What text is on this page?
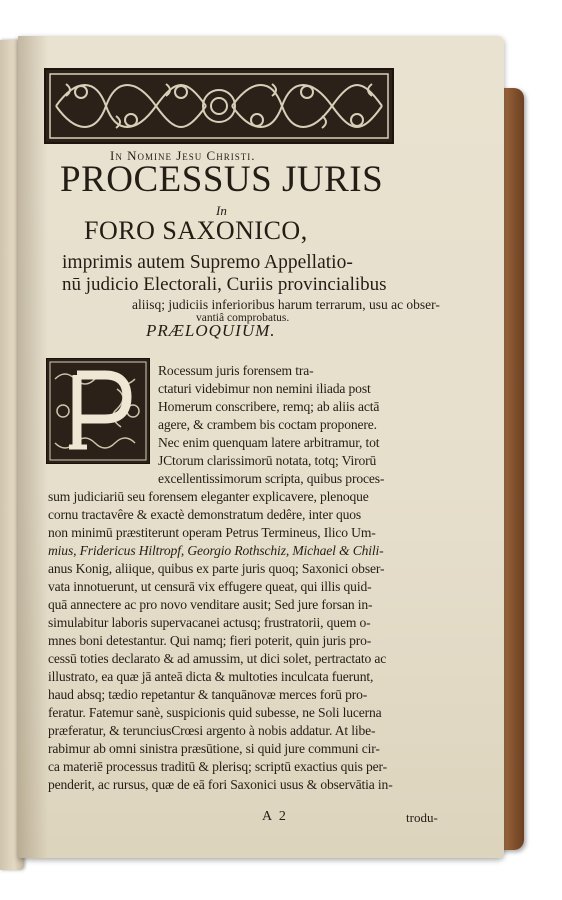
In Nomine Jesu Christi.
PROCESSUS JURIS
In
FORO SAXONICO,
imprimis autem Supremo Appellatio-
nū judicio Electorali, Curiis provincialibus
aliisq; judiciis inferioribus harum terrarum, usu ac obser-
vantiâ comprobatus.
PRÆLOQUIUM.
Rocessum juris forensem tra-
ctaturi videbimur non nemini iliada post
Homerum conscribere, remq; ab aliis actā
agere, & crambem bis coctam proponere.
Nec enim quenquam latere arbitramur, tot
JCtorum clarissimorū notata, totq; Virorū
excellentissimorum scripta, quibus proces-
sum judiciariū seu forensem eleganter explicavere, plenoque
cornu tractavêre & exactè demonstratum dedêre, inter quos
non minimū præstiterunt operam Petrus Termineus, Ilico Um-
mius, Fridericus Hiltropf, Georgio Rothschiz, Michael & Chili-
anus Konig, aliique, quibus ex parte juris quoq; Saxonici obser-
vata innotuerunt, ut censurā vix effugere queat, qui illis quid-
quā annectere ac pro novo venditare ausit; Sed jure forsan in-
simulabitur laboris supervacanei actusq; frustratorii, quem o-
mnes boni detestantur. Qui namq; fieri poterit, quin juris pro-
cessū toties declarato & ad amussim, ut dici solet, pertractato ac
illustrato, ea quæ jā anteā dicta & multoties inculcata fuerunt,
haud absq; tædio repetantur & tanquānovæ merces forū pro-
feratur. Fatemur sanè, suspicionis quid subesse, ne Soli lucerna
præferatur, & terunciusCrœsi argento à nobis addatur. At libe-
rabimur ab omni sinistra præsūtione, si quid jure communi cir-
ca materiē processus traditū & plerisq; scriptū exactius quis per-
penderit, ac rursus, quæ de eā fori Saxonici usus & observātia in-
A 2	trodu-
